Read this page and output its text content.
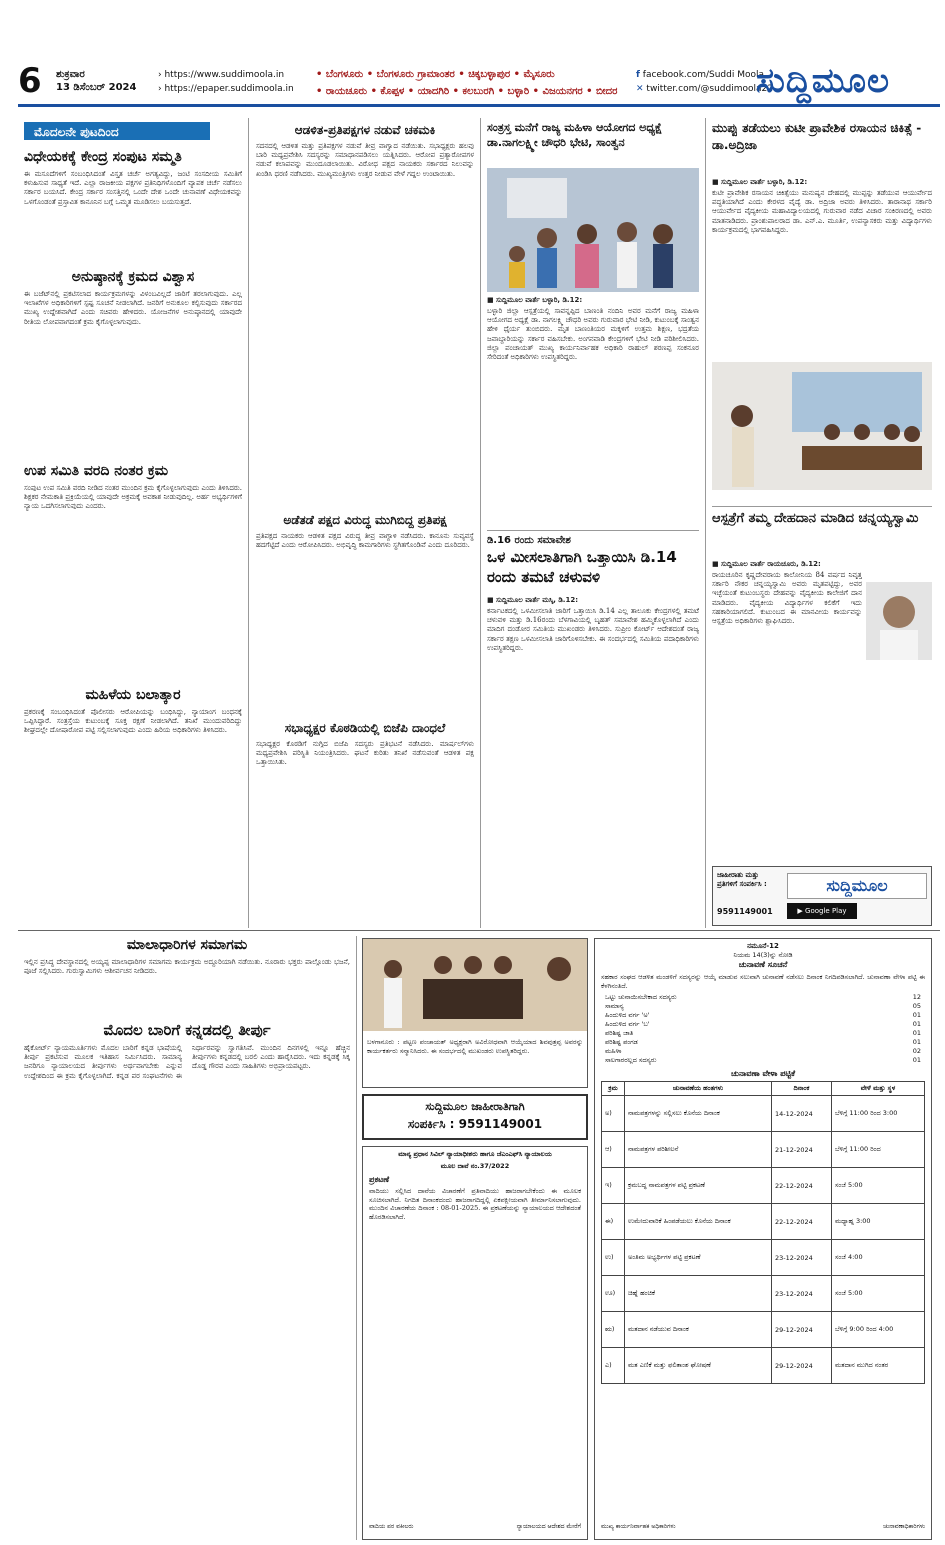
6	ಶುಕ್ರವಾರ
13 ಡಿಸೆಂಬರ್ 2024
› https://www.suddimoola.in
› https://epaper.suddimoola.in
• ಬೆಂಗಳೂರು • ಬೆಂಗಳೂರು ಗ್ರಾಮಾಂತರ • ಚಿಕ್ಕಬಳ್ಳಾಪುರ • ಮೈಸೂರು
• ರಾಯಚೂರು • ಕೊಪ್ಪಳ • ಯಾದಗಿರಿ • ಕಲಬುರಗಿ • ಬಳ್ಳಾರಿ • ವಿಜಯನಗರ • ಬೀದರ
f facebook.com/Suddi Moola
✕ twitter.com/@suddimoola22
ಸುದ್ದಿಮೂಲ
ಮೊದಲನೇ ಪುಟದಿಂದ
ವಿಧೇಯಕಕ್ಕೆ ಕೇಂದ್ರ ಸಂಪುಟ ಸಮ್ಮತಿ
ಈ ಮಸೂದೆಗಳಿಗೆ ಸಂಬಂಧಿಸಿದಂತೆ ವಿಸ್ತೃತ ಚರ್ಚೆ ಅಗತ್ಯವಿದ್ದು, ಜಂಟಿ ಸಂಸದೀಯ ಸಮಿತಿಗೆ ಕಳುಹಿಸುವ ಸಾಧ್ಯತೆ ಇದೆ. ಎಲ್ಲಾ ರಾಜಕೀಯ ಪಕ್ಷಗಳ ಪ್ರತಿನಿಧಿಗಳೊಂದಿಗೆ ವ್ಯಾಪಕ ಚರ್ಚೆ ನಡೆಸಲು ಸರ್ಕಾರ ಬಯಸಿದೆ. ಕೇಂದ್ರ ಸರ್ಕಾರ ಸಂಸತ್ತಿನಲ್ಲಿ ಒಂದೇ ದೇಶ ಒಂದೇ ಚುನಾವಣೆ ವಿಧೇಯಕವನ್ನು ಒಳಗೊಂಡಂತೆ ಪ್ರಸ್ತಾವಿತ ಕಾನೂನಿನ ಬಗ್ಗೆ ಒಮ್ಮತ ಮೂಡಿಸಲು ಬಯಸುತ್ತದೆ.
ಅನುಷ್ಠಾನಕ್ಕೆ ಕ್ರಮದ ವಿಶ್ವಾಸ
ಈ ಬಜೆಟ್‌ನಲ್ಲಿ ಪ್ರಕಟಿಸಲಾದ ಕಾರ್ಯಕ್ರಮಗಳನ್ನು ವಿಳಂಬವಿಲ್ಲದೆ ಜಾರಿಗೆ ತರಲಾಗುವುದು. ಎಲ್ಲ ಇಲಾಖೆಗಳ ಅಧಿಕಾರಿಗಳಿಗೆ ಸ್ಪಷ್ಟ ಸೂಚನೆ ನೀಡಲಾಗಿದೆ. ಜನರಿಗೆ ಅನುಕೂಲ ಕಲ್ಪಿಸುವುದು ಸರ್ಕಾರದ ಮುಖ್ಯ ಉದ್ದೇಶವಾಗಿದೆ ಎಂದು ಸಚಿವರು ಹೇಳಿದರು. ಯೋಜನೆಗಳ ಅನುಷ್ಠಾನದಲ್ಲಿ ಯಾವುದೇ ರೀತಿಯ ಲೋಪವಾಗದಂತೆ ಕ್ರಮ ಕೈಗೊಳ್ಳಲಾಗುವುದು.
ಉಪ ಸಮಿತಿ ವರದಿ ನಂತರ ಕ್ರಮ
ಸಂಪುಟ ಉಪ ಸಮಿತಿ ವರದಿ ನೀಡಿದ ನಂತರ ಮುಂದಿನ ಕ್ರಮ ಕೈಗೊಳ್ಳಲಾಗುವುದು ಎಂದು ತಿಳಿಸಿದರು. ಶಿಕ್ಷಕರ ನೇಮಕಾತಿ ಪ್ರಕ್ರಿಯೆಯಲ್ಲಿ ಯಾವುದೇ ಅಕ್ರಮಕ್ಕೆ ಅವಕಾಶ ನೀಡುವುದಿಲ್ಲ. ಅರ್ಹ ಅಭ್ಯರ್ಥಿಗಳಿಗೆ ನ್ಯಾಯ ಒದಗಿಸಲಾಗುವುದು ಎಂದರು.
ಮಹಿಳೆಯ ಬಲಾತ್ಕಾರ
ಪ್ರಕರಣಕ್ಕೆ ಸಂಬಂಧಿಸಿದಂತೆ ಪೊಲೀಸರು ಆರೋಪಿಯನ್ನು ಬಂಧಿಸಿದ್ದು, ನ್ಯಾಯಾಂಗ ಬಂಧನಕ್ಕೆ ಒಪ್ಪಿಸಿದ್ದಾರೆ. ಸಂತ್ರಸ್ತೆಯ ಕುಟುಂಬಕ್ಕೆ ಸೂಕ್ತ ರಕ್ಷಣೆ ನೀಡಲಾಗಿದೆ. ತನಿಖೆ ಮುಂದುವರಿದಿದ್ದು ಶೀಘ್ರದಲ್ಲೇ ದೋಷಾರೋಪ ಪಟ್ಟಿ ಸಲ್ಲಿಸಲಾಗುವುದು ಎಂದು ಹಿರಿಯ ಅಧಿಕಾರಿಗಳು ತಿಳಿಸಿದರು.
ಆಡಳಿತ-ಪ್ರತಿಪಕ್ಷಗಳ ನಡುವೆ ಚಕಮಕಿ
ಸದನದಲ್ಲಿ ಆಡಳಿತ ಮತ್ತು ಪ್ರತಿಪಕ್ಷಗಳ ನಡುವೆ ತೀವ್ರ ವಾಗ್ವಾದ ನಡೆಯಿತು. ಸಭಾಧ್ಯಕ್ಷರು ಹಲವು ಬಾರಿ ಮಧ್ಯಪ್ರವೇಶಿಸಿ ಸದಸ್ಯರನ್ನು ಸಮಾಧಾನಪಡಿಸಲು ಯತ್ನಿಸಿದರು. ಆರೋಪ ಪ್ರತ್ಯಾರೋಪಗಳ ನಡುವೆ ಕಲಾಪವನ್ನು ಮುಂದೂಡಲಾಯಿತು. ವಿರೋಧ ಪಕ್ಷದ ನಾಯಕರು ಸರ್ಕಾರದ ನಿಲುವನ್ನು ಖಂಡಿಸಿ ಧರಣಿ ನಡೆಸಿದರು. ಮುಖ್ಯಮಂತ್ರಿಗಳು ಉತ್ತರ ನೀಡುವ ವೇಳೆ ಗದ್ದಲ ಉಂಟಾಯಿತು.
ಅಡೆತಡೆ ಪಕ್ಷದ ವಿರುದ್ಧ ಮುಗಿಬಿದ್ದ ಪ್ರತಿಪಕ್ಷ
ಪ್ರತಿಪಕ್ಷದ ನಾಯಕರು ಆಡಳಿತ ಪಕ್ಷದ ವಿರುದ್ಧ ತೀವ್ರ ವಾಗ್ದಾಳಿ ನಡೆಸಿದರು. ಕಾನೂನು ಸುವ್ಯವಸ್ಥೆ ಹದಗೆಟ್ಟಿದೆ ಎಂದು ಆರೋಪಿಸಿದರು. ಅಭಿವೃದ್ಧಿ ಕಾಮಗಾರಿಗಳು ಸ್ಥಗಿತಗೊಂಡಿವೆ ಎಂದು ದೂರಿದರು.
ಸಭಾಧ್ಯಕ್ಷರ ಕೊಠಡಿಯಲ್ಲಿ ಬಿಜೆಪಿ ದಾಂಧಲೆ
ಸಭಾಧ್ಯಕ್ಷರ ಕೊಠಡಿಗೆ ನುಗ್ಗಿದ ಬಿಜೆಪಿ ಸದಸ್ಯರು ಪ್ರತಿಭಟನೆ ನಡೆಸಿದರು. ಮಾರ್ಷಲ್‌ಗಳು ಮಧ್ಯಪ್ರವೇಶಿಸಿ ಪರಿಸ್ಥಿತಿ ನಿಯಂತ್ರಿಸಿದರು. ಘಟನೆ ಕುರಿತು ತನಿಖೆ ನಡೆಸುವಂತೆ ಆಡಳಿತ ಪಕ್ಷ ಒತ್ತಾಯಿಸಿತು.
ಸಂತ್ರಸ್ತ ಮನೆಗೆ ರಾಜ್ಯ ಮಹಿಳಾ ಆಯೋಗದ ಅಧ್ಯಕ್ಷೆ ಡಾ.ನಾಗಲಕ್ಷ್ಮೀ ಚೌಧರಿ ಭೇಟಿ, ಸಾಂತ್ವನ
■ ಸುದ್ದಿಮೂಲ ವಾರ್ತೆ ಬಳ್ಳಾರಿ, ಡಿ.12:
ಬಳ್ಳಾರಿ ಜಿಲ್ಲಾ ಆಸ್ಪತ್ರೆಯಲ್ಲಿ ಸಾವನ್ನಪ್ಪಿದ ಬಾಣಂತಿ ನಂದಿನಿ ಅವರ ಮನೆಗೆ ರಾಜ್ಯ ಮಹಿಳಾ ಆಯೋಗದ ಅಧ್ಯಕ್ಷೆ ಡಾ. ನಾಗಲಕ್ಷ್ಮಿ ಚೌಧರಿ ಅವರು ಗುರುವಾರ ಭೇಟಿ ನೀಡಿ, ಕುಟುಂಬಕ್ಕೆ ಸಾಂತ್ವನ ಹೇಳಿ ಧೈರ್ಯ ತುಂಬಿದರು. ಮೃತ ಬಾಣಂತಿಯರ ಮಕ್ಕಳಿಗೆ ಉತ್ತಮ ಶಿಕ್ಷಣ, ಭದ್ರತೆಯ ಜವಾಬ್ದಾರಿಯನ್ನು ಸರ್ಕಾರ ವಹಿಸಬೇಕು. ಅಂಗನವಾಡಿ ಕೇಂದ್ರಗಳಿಗೆ ಭೇಟಿ ನೀಡಿ ಪರಿಶೀಲಿಸಿದರು. ಜಿಲ್ಲಾ ಪಂಚಾಯತ್ ಮುಖ್ಯ ಕಾರ್ಯನಿರ್ವಾಹಕ ಅಧಿಕಾರಿ ರಾಹುಲ್ ಶರಣಪ್ಪ ಸಂಕನೂರ ಸೇರಿದಂತೆ ಅಧಿಕಾರಿಗಳು ಉಪಸ್ಥಿತರಿದ್ದರು.
ಡಿ.16 ರಂದು ಸಮಾವೇಶ
ಒಳ ಮೀಸಲಾತಿಗಾಗಿ ಒತ್ತಾಯಿಸಿ ಡಿ.14 ರಂದು ತಮಟೆ ಚಳುವಳಿ
■ ಸುದ್ದಿಮೂಲ ವಾರ್ತೆ ಮಸ್ಕಿ, ಡಿ.12:
ಕರ್ನಾಟಕದಲ್ಲಿ ಒಳಮೀಸಲಾತಿ ಜಾರಿಗೆ ಒತ್ತಾಯಿಸಿ ಡಿ.14 ಎಲ್ಲ ತಾಲೂಕು ಕೇಂದ್ರಗಳಲ್ಲಿ ತಮಟೆ ಚಳುವಳಿ ಮತ್ತು ಡಿ.16ರಂದು ಬೆಳಗಾವಿಯಲ್ಲಿ ಬೃಹತ್ ಸಮಾವೇಶ ಹಮ್ಮಿಕೊಳ್ಳಲಾಗಿದೆ ಎಂದು ಮಾದಿಗ ದಂಡೋರ ಸಮಿತಿಯ ಮುಖಂಡರು ತಿಳಿಸಿದರು. ಸುಪ್ರೀಂ ಕೋರ್ಟ್ ಆದೇಶದಂತೆ ರಾಜ್ಯ ಸರ್ಕಾರ ತಕ್ಷಣ ಒಳಮೀಸಲಾತಿ ಜಾರಿಗೊಳಿಸಬೇಕು. ಈ ಸಂದರ್ಭದಲ್ಲಿ ಸಮಿತಿಯ ಪದಾಧಿಕಾರಿಗಳು ಉಪಸ್ಥಿತರಿದ್ದರು.
ಮುಪ್ಪು ತಡೆಯಲು ಕುಟೀ ಪ್ರಾವೇಶಿಕ ರಸಾಯನ ಚಿಕಿತ್ಸೆ - ಡಾ.ಅದ್ರಿಜಾ
■ ಸುದ್ದಿಮೂಲ ವಾರ್ತೆ ಬಳ್ಳಾರಿ, ಡಿ.12:
ಕುಟೀ ಪ್ರಾವೇಶಿಕ ರಸಾಯನ ಚಿಕಿತ್ಸೆಯು ಮನುಷ್ಯನ ದೇಹದಲ್ಲಿ ಮುಪ್ಪನ್ನು ತಡೆಯುವ ಆಯುರ್ವೇದ ಪದ್ಧತಿಯಾಗಿದೆ ಎಂದು ಕೇರಳದ ವೈದ್ಯೆ ಡಾ. ಅದ್ರಿಜಾ ಅವರು ತಿಳಿಸಿದರು. ತಾರಾನಾಥ ಸರ್ಕಾರಿ ಆಯುರ್ವೇದ ವೈದ್ಯಕೀಯ ಮಹಾವಿದ್ಯಾಲಯದಲ್ಲಿ ಗುರುವಾರ ನಡೆದ ವಿಚಾರ ಸಂಕಿರಣದಲ್ಲಿ ಅವರು ಮಾತನಾಡಿದರು. ಪ್ರಾಂಶುಪಾಲರಾದ ಡಾ. ಎನ್.ಎ. ಮೂರ್ತಿ, ಉಪನ್ಯಾಸಕರು ಮತ್ತು ವಿದ್ಯಾರ್ಥಿಗಳು ಕಾರ್ಯಕ್ರಮದಲ್ಲಿ ಭಾಗವಹಿಸಿದ್ದರು.
ಆಸ್ಪತ್ರೆಗೆ ತಮ್ಮ ದೇಹದಾನ ಮಾಡಿದ ಚನ್ನಯ್ಯಸ್ವಾಮಿ
■ ಸುದ್ದಿಮೂಲ ವಾರ್ತೆ ರಾಯಚೂರು, ಡಿ.12:
ರಾಯಚೂರಿನ ಕೃಷ್ಣದೇವರಾಯ ಕಾಲೋನಿಯ 84 ವರ್ಷದ ನಿವೃತ್ತ ಸರ್ಕಾರಿ ನೌಕರ ಚನ್ನಯ್ಯಸ್ವಾಮಿ ಅವರು ಮೃತಪಟ್ಟಿದ್ದು, ಅವರ ಇಚ್ಛೆಯಂತೆ ಕುಟುಂಬಸ್ಥರು ದೇಹವನ್ನು ವೈದ್ಯಕೀಯ ಕಾಲೇಜಿಗೆ ದಾನ ಮಾಡಿದರು. ವೈದ್ಯಕೀಯ ವಿದ್ಯಾರ್ಥಿಗಳ ಕಲಿಕೆಗೆ ಇದು ಸಹಕಾರಿಯಾಗಲಿದೆ. ಕುಟುಂಬದ ಈ ಮಾನವೀಯ ಕಾರ್ಯವನ್ನು ಆಸ್ಪತ್ರೆಯ ಅಧಿಕಾರಿಗಳು ಶ್ಲಾಘಿಸಿದರು.
ಜಾಹೀರಾತು ಮತ್ತು ಪ್ರತಿಗಳಿಗೆ ಸಂಪರ್ಕಿಸಿ :
9591149001
ಸುದ್ದಿಮೂಲ
▶ Google Play
ಮಾಲಾಧಾರಿಗಳ ಸಮಾಗಮ
ಇಲ್ಲಿನ ಪ್ರಸಿದ್ಧ ದೇವಸ್ಥಾನದಲ್ಲಿ ಅಯ್ಯಪ್ಪ ಮಾಲಾಧಾರಿಗಳ ಸಮಾಗಮ ಕಾರ್ಯಕ್ರಮ ಅದ್ದೂರಿಯಾಗಿ ನಡೆಯಿತು. ನೂರಾರು ಭಕ್ತರು ಪಾಲ್ಗೊಂಡು ಭಜನೆ, ಪೂಜೆ ಸಲ್ಲಿಸಿದರು. ಗುರುಸ್ವಾಮಿಗಳು ಆಶೀರ್ವಚನ ನೀಡಿದರು.
ಮೊದಲ ಬಾರಿಗೆ ಕನ್ನಡದಲ್ಲಿ ತೀರ್ಪು
ಹೈಕೋರ್ಟ್ ನ್ಯಾಯಮೂರ್ತಿಗಳು ಮೊದಲ ಬಾರಿಗೆ ಕನ್ನಡ ಭಾಷೆಯಲ್ಲಿ ತೀರ್ಪು ಪ್ರಕಟಿಸುವ ಮೂಲಕ ಇತಿಹಾಸ ನಿರ್ಮಿಸಿದರು. ಸಾಮಾನ್ಯ ಜನರಿಗೂ ನ್ಯಾಯಾಲಯದ ತೀರ್ಪುಗಳು ಅರ್ಥವಾಗಬೇಕು ಎನ್ನುವ ಉದ್ದೇಶದಿಂದ ಈ ಕ್ರಮ ಕೈಗೊಳ್ಳಲಾಗಿದೆ. ಕನ್ನಡ ಪರ ಸಂಘಟನೆಗಳು ಈ ನಿರ್ಧಾರವನ್ನು ಸ್ವಾಗತಿಸಿವೆ. ಮುಂದಿನ ದಿನಗಳಲ್ಲಿ ಇನ್ನೂ ಹೆಚ್ಚಿನ ತೀರ್ಪುಗಳು ಕನ್ನಡದಲ್ಲಿ ಬರಲಿ ಎಂದು ಹಾರೈಸಿದರು. ಇದು ಕನ್ನಡಕ್ಕೆ ಸಿಕ್ಕ ದೊಡ್ಡ ಗೌರವ ಎಂದು ಸಾಹಿತಿಗಳು ಅಭಿಪ್ರಾಯಪಟ್ಟರು.
ಬಳಗಾನೂರು : ಪಟ್ಟಣ ಪಂಚಾಯತ್ ಅಧ್ಯಕ್ಷರಾಗಿ ಅವಿರೋಧವಾಗಿ ಆಯ್ಕೆಯಾದ ಶಿವಪುತ್ರಪ್ಪ ಅವರನ್ನು ಕಾರ್ಯಕರ್ತರು ಸನ್ಮಾನಿಸಿದರು. ಈ ಸಂದರ್ಭದಲ್ಲಿ ಮುಖಂಡರು ಉಪಸ್ಥಿತರಿದ್ದರು.
ಸುದ್ದಿಮೂಲ ಜಾಹೀರಾತಿಗಾಗಿ
ಸಂಪರ್ಕಿಸಿ : 9591149001
ಮಾನ್ಯ ಪ್ರಧಾನ ಸಿವಿಲ್ ನ್ಯಾಯಾಧೀಶರು ಹಾಗೂ ಜೆಎಂಎಫ್‌ಸಿ ನ್ಯಾಯಾಲಯ
ಮೂಲ ದಾವೆ ನಂ.37/2022
ಪ್ರಕಟಣೆ
ವಾದಿಯು ಸಲ್ಲಿಸಿದ ದಾವೆಯ ವಿಚಾರಣೆಗೆ ಪ್ರತಿವಾದಿಯು ಹಾಜರಾಗಬೇಕೆಂದು ಈ ಮೂಲಕ ಸೂಚಿಸಲಾಗಿದೆ. ನಿಗದಿತ ದಿನಾಂಕದಂದು ಹಾಜರಾಗದಿದ್ದಲ್ಲಿ ಏಕಪಕ್ಷೀಯವಾಗಿ ತೀರ್ಮಾನಿಸಲಾಗುವುದು. ಮುಂದಿನ ವಿಚಾರಣೆಯ ದಿನಾಂಕ : 08-01-2025. ಈ ಪ್ರಕಟಣೆಯನ್ನು ನ್ಯಾಯಾಲಯದ ಆದೇಶದಂತೆ ಹೊರಡಿಸಲಾಗಿದೆ.
ವಾದಿಯ ಪರ ವಕೀಲರು	ನ್ಯಾಯಾಲಯದ ಆದೇಶದ ಮೇರೆಗೆ
ನಮೂನೆ-12
ನಿಯಮ 14(3)ನ್ನು ನೋಡಿ
ಚುನಾವಣೆ ಸೂಚನೆ
ಸಹಕಾರ ಸಂಘದ ಆಡಳಿತ ಮಂಡಳಿಗೆ ಸದಸ್ಯರನ್ನು ಆಯ್ಕೆ ಮಾಡುವ ಸಲುವಾಗಿ ಚುನಾವಣೆ ನಡೆಸಲು ದಿನಾಂಕ ನಿಗದಿಪಡಿಸಲಾಗಿದೆ. ಚುನಾವಣಾ ವೇಳಾ ಪಟ್ಟಿ ಈ ಕೆಳಗಿನಂತಿದೆ.
ಒಟ್ಟು ಚುನಾಯಿಸಬೇಕಾದ ಸದಸ್ಯರು	12
ಸಾಮಾನ್ಯ	05
ಹಿಂದುಳಿದ ವರ್ಗ 'ಅ'	01
ಹಿಂದುಳಿದ ವರ್ಗ 'ಬ'	01
ಪರಿಶಿಷ್ಟ ಜಾತಿ	01
ಪರಿಶಿಷ್ಟ ಪಂಗಡ	01
ಮಹಿಳಾ	02
ಸಾಲಗಾರರಲ್ಲದ ಸದಸ್ಯರು	01
ಚುನಾವಣಾ ವೇಳಾ ಪಟ್ಟಿಕೆ
ಕ್ರಮ	ಚುನಾವಣೆಯ ಹಂತಗಳು	ದಿನಾಂಕ	ವೇಳೆ ಮತ್ತು ಸ್ಥಳ
ಅ)	ನಾಮಪತ್ರಗಳನ್ನು ಸಲ್ಲಿಸಲು ಕೊನೆಯ ದಿನಾಂಕ	14-12-2024	ಬೆಳಿಗ್ಗೆ 11:00 ರಿಂದ 3:00
ಆ)	ನಾಮಪತ್ರಗಳ ಪರಿಶೀಲನೆ	21-12-2024	ಬೆಳಿಗ್ಗೆ 11:00 ರಿಂದ
ಇ)	ಕ್ರಮಬದ್ಧ ನಾಮಪತ್ರಗಳ ಪಟ್ಟಿ ಪ್ರಕಟಣೆ	22-12-2024	ಸಂಜೆ 5:00
ಈ)	ಉಮೇದುವಾರಿಕೆ ಹಿಂಪಡೆಯಲು ಕೊನೆಯ ದಿನಾಂಕ	22-12-2024	ಮಧ್ಯಾಹ್ನ 3:00
ಉ)	ಅಂತಿಮ ಅಭ್ಯರ್ಥಿಗಳ ಪಟ್ಟಿ ಪ್ರಕಟಣೆ	23-12-2024	ಸಂಜೆ 4:00
ಊ)	ಚಿಹ್ನೆ ಹಂಚಿಕೆ	23-12-2024	ಸಂಜೆ 5:00
ಋ)	ಮತದಾನ ನಡೆಯುವ ದಿನಾಂಕ	29-12-2024	ಬೆಳಿಗ್ಗೆ 9:00 ರಿಂದ 4:00
ಎ)	ಮತ ಎಣಿಕೆ ಮತ್ತು ಫಲಿತಾಂಶ ಘೋಷಣೆ	29-12-2024	ಮತದಾನ ಮುಗಿದ ನಂತರ
ಮುಖ್ಯ ಕಾರ್ಯನಿರ್ವಾಹಕ ಅಧಿಕಾರಿಗಳು	ಚುನಾವಣಾಧಿಕಾರಿಗಳು
